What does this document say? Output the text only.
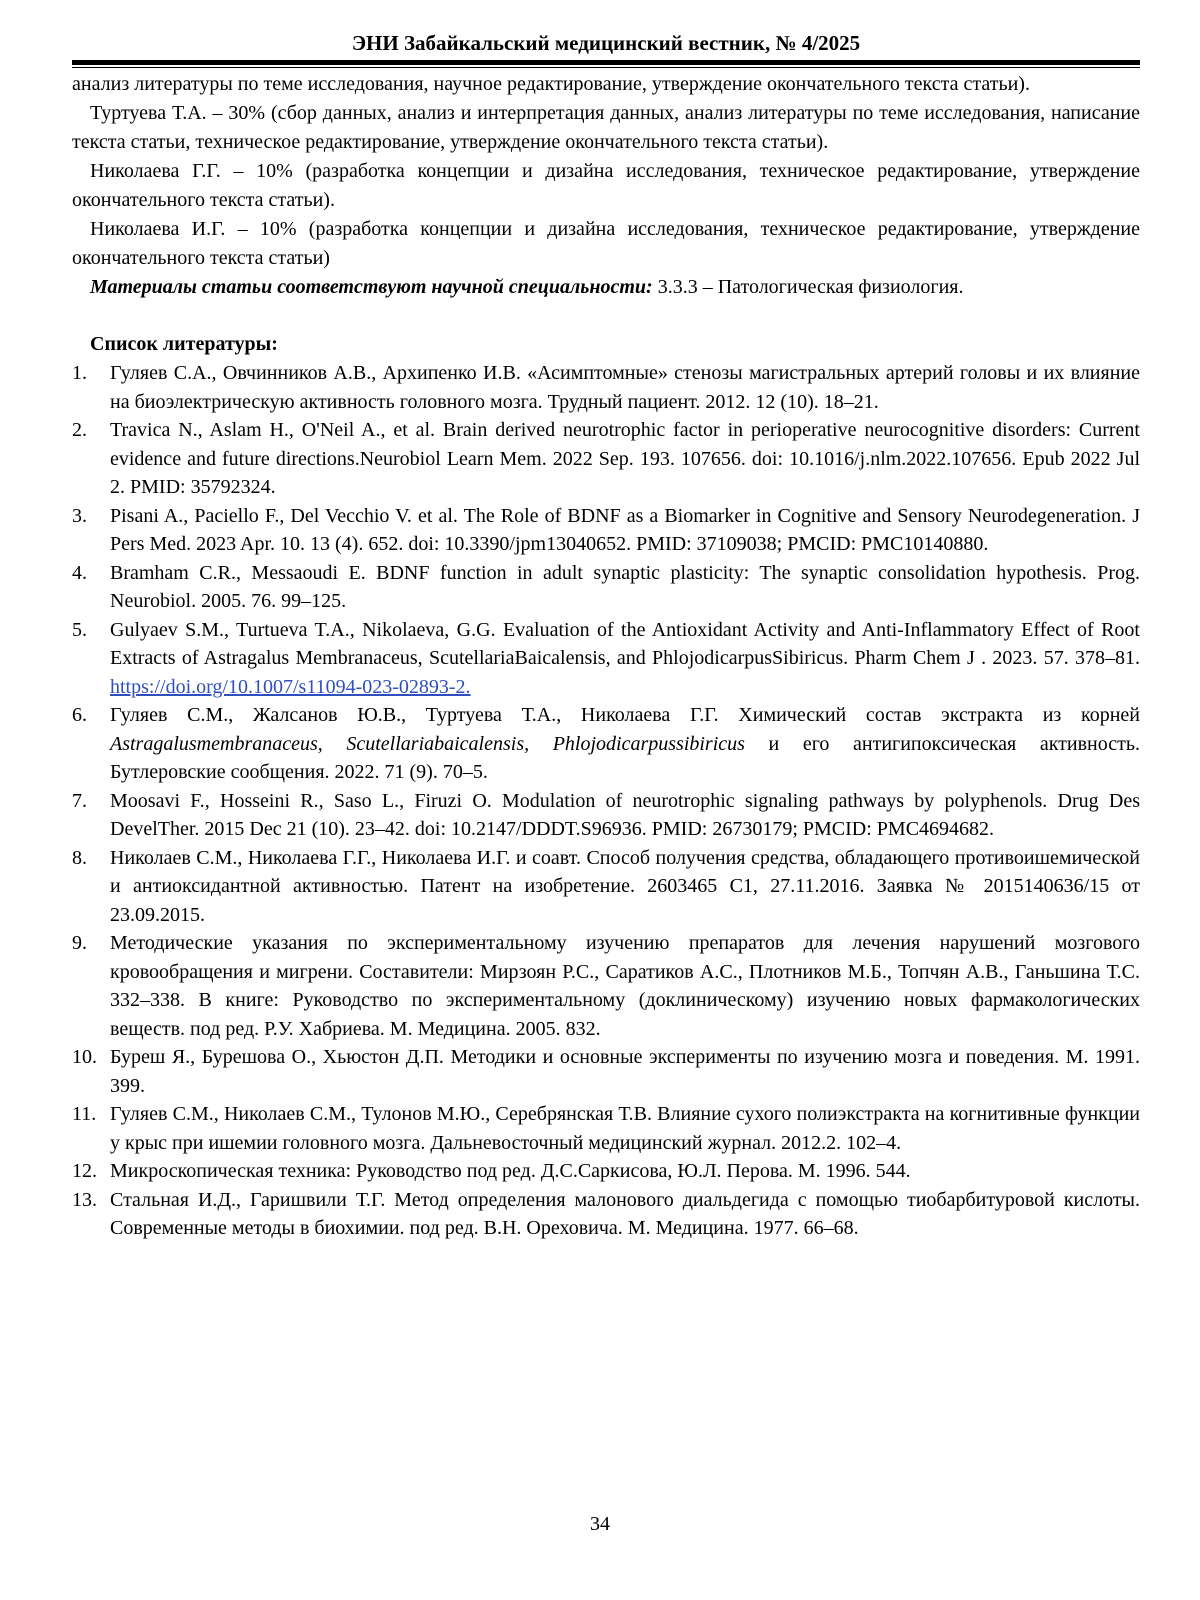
ЭНИ Забайкальский медицинский вестник, № 4/2025

анализ литературы по теме исследования, научное редактирование, утверждение окончательного текста статьи).

Туртуева Т.А. – 30% (сбор данных, анализ и интерпретация данных, анализ литературы по теме исследования, написание текста статьи, техническое редактирование, утверждение окончательного текста статьи).

Николаева Г.Г. – 10% (разработка концепции и дизайна исследования, техническое редактирование, утверждение окончательного текста статьи).

Николаева И.Г. – 10% (разработка концепции и дизайна исследования, техническое редактирование, утверждение окончательного текста статьи)

Материалы статьи соответствуют научной специальности: 3.3.3 – Патологическая физиология.

Список литературы:
1. Гуляев С.А., Овчинников А.В., Архипенко И.В. «Асимптомные» стенозы магистральных артерий головы и их влияние на биоэлектрическую активность головного мозга. Трудный пациент. 2012. 12 (10). 18–21.
2. Travica N., Aslam H., O'Neil A., et al. Brain derived neurotrophic factor in perioperative neurocognitive disorders: Current evidence and future directions.Neurobiol Learn Mem. 2022 Sep. 193. 107656. doi: 10.1016/j.nlm.2022.107656. Epub 2022 Jul 2. PMID: 35792324.
3. Pisani A., Paciello F., Del Vecchio V. et al. The Role of BDNF as a Biomarker in Cognitive and Sensory Neurodegeneration. J Pers Med. 2023 Apr. 10. 13 (4). 652. doi: 10.3390/jpm13040652. PMID: 37109038; PMCID: PMC10140880.
4. Bramham C.R., Messaoudi E. BDNF function in adult synaptic plasticity: The synaptic consolidation hypothesis. Prog. Neurobiol. 2005. 76. 99–125.
5. Gulyaev S.M., Turtueva T.A., Nikolaeva, G.G. Evaluation of the Antioxidant Activity and Anti-Inflammatory Effect of Root Extracts of Astragalus Membranaceus, ScutellariaBaicalensis, and PhlojodicarpusSibiricus. Pharm Chem J . 2023. 57. 378–81. https://doi.org/10.1007/s11094-023-02893-2.
6. Гуляев С.М., Жалсанов Ю.В., Туртуева Т.А., Николаева Г.Г. Химический состав экстракта из корней Astragalusmembranaceus, Scutellariabaicalensis, Phlojodicarpussibiricus и его антигипоксическая активность. Бутлеровские сообщения. 2022. 71 (9). 70–5.
7. Moosavi F., Hosseini R., Saso L., Firuzi O. Modulation of neurotrophic signaling pathways by polyphenols. Drug Des DevelTher. 2015 Dec 21 (10). 23–42. doi: 10.2147/DDDT.S96936. PMID: 26730179; PMCID: PMC4694682.
8. Николаев С.М., Николаева Г.Г., Николаева И.Г. и соавт. Способ получения средства, обладающего противоишемической и антиоксидантной активностью. Патент на изобретение. 2603465 C1, 27.11.2016. Заявка № 2015140636/15 от 23.09.2015.
9. Методические указания по экспериментальному изучению препаратов для лечения нарушений мозгового кровообращения и мигрени. Составители: Мирзоян Р.С., Саратиков А.С., Плотников М.Б., Топчян А.В., Ганьшина Т.С. 332–338. В книге: Руководство по экспериментальному (доклиническому) изучению новых фармакологических веществ. под ред. Р.У. Хабриева. М. Медицина. 2005. 832.
10. Буреш Я., Бурешова О., Хьюстон Д.П. Методики и основные эксперименты по изучению мозга и поведения. М. 1991. 399.
11. Гуляев С.М., Николаев С.М., Тулонов М.Ю., Серебрянская Т.В. Влияние сухого полиэкстракта на когнитивные функции у крыс при ишемии головного мозга. Дальневосточный медицинский журнал. 2012.2. 102–4.
12. Микроскопическая техника: Руководство под ред. Д.С.Саркисова, Ю.Л. Перова. М. 1996. 544.
13. Стальная И.Д., Гаришвили Т.Г. Метод определения малонового диальдегида с помощью тиобарбитуровой кислоты. Современные методы в биохимии. под ред. В.Н. Ореховича. М. Медицина. 1977. 66–68.
34
